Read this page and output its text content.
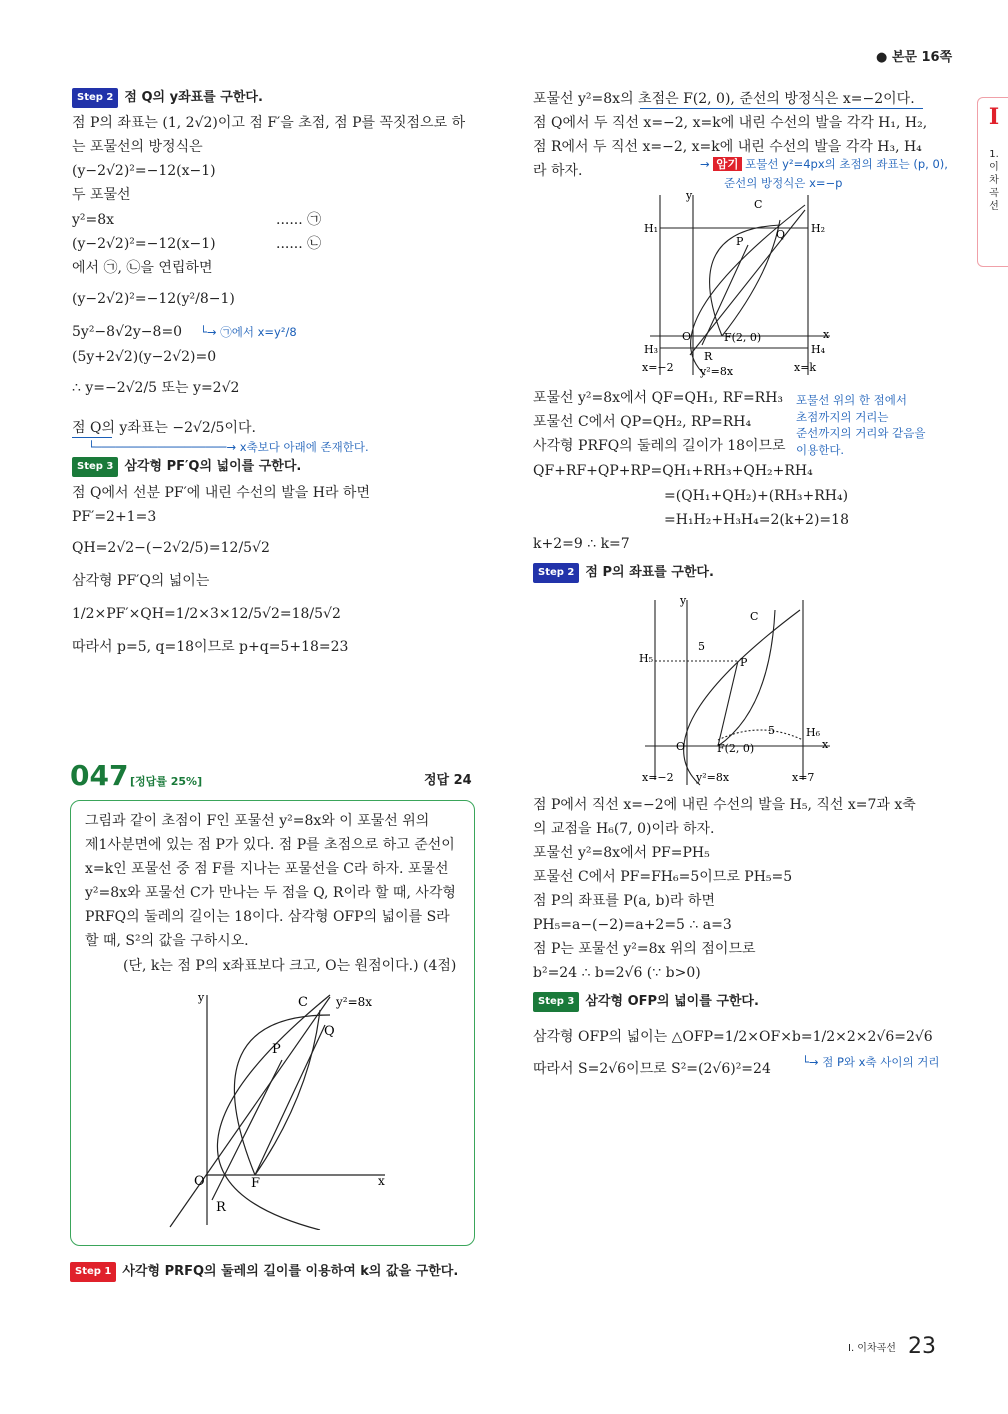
● 본문 16쪽
I
1. 이차곡선
Step 2 점 Q의 y좌표를 구한다.
점 P의 좌표는 (1, 2√2)이고 점 F′을 초점, 점 P를 꼭짓점으로 하
는 포물선의 방정식은
(y−2√2)²=−12(x−1)
두 포물선
y²=8x	...... ㉠
(y−2√2)²=−12(x−1)	...... ㉡
에서 ㉠, ㉡을 연립하면
(y−2√2)²=−12(y²/8−1)
5y²−8√2y−8=0 └→ ㉠에서 x=y²/8
(5y+2√2)(y−2√2)=0
∴ y=−2√2/5 또는 y=2√2
점 Q의 y좌표는 −2√2/5이다.
└───────────────────→ x축보다 아래에 존재한다.
Step 3 삼각형 PF′Q의 넓이를 구한다.
점 Q에서 선분 PF′에 내린 수선의 발을 H라 하면
PF′=2+1=3
QH=2√2−(−2√2/5)=12/5√2
삼각형 PF′Q의 넓이는
1/2×PF′×QH=1/2×3×12/5√2=18/5√2
따라서 p=5, q=18이므로 p+q=5+18=23
047 [정답률 25%]	정답 24
그림과 같이 초점이 F인 포물선 y²=8x와 이 포물선 위의
제1사분면에 있는 점 P가 있다. 점 P를 초점으로 하고 준선이
x=k인 포물선 중 점 F를 지나는 포물선을 C라 하자. 포물선
y²=8x와 포물선 C가 만나는 두 점을 Q, R이라 할 때, 사각형
PRFQ의 둘레의 길이는 18이다. 삼각형 OFP의 넓이를 S라
할 때, S²의 값을 구하시오.
(단, k는 점 P의 x좌표보다 크고, O는 원점이다.) (4점)
y
x
C y²=8x
P
Q
O	F
R
Step 1 사각형 PRFQ의 둘레의 길이를 이용하여 k의 값을 구한다.
포물선 y²=8x의 초점은 F(2, 0), 준선의 방정식은 x=−2이다.
점 Q에서 두 직선 x=−2, x=k에 내린 수선의 발을 각각 H₁, H₂,
점 R에서 두 직선 x=−2, x=k에 내린 수선의 발을 각각 H₃, H₄
라 하자.	→ 암기 포물선 y²=4px의 초점의 좌표는 (p, 0),
준선의 방정식은 x=−p
y
C
H₁	H₂
P
Q
O	F(2, 0)	x
H₃	H₄
R
x=−2 y²=8x	x=k
포물선 y²=8x에서 QF=QH₁, RF=RH₃
포물선 C에서 QP=QH₂, RP=RH₄
사각형 PRFQ의 둘레의 길이가 18이므로
포물선 위의 한 점에서
초점까지의 거리는
준선까지의 거리와 같음을
이용한다.
QF+RF+QP+RP=QH₁+RH₃+QH₂+RH₄
=(QH₁+QH₂)+(RH₃+RH₄)
=H₁H₂+H₃H₄=2(k+2)=18
k+2=9 ∴ k=7
Step 2 점 P의 좌표를 구한다.
y
C
H₅	P
5
5	H₆
O	F(2, 0)	x
x=−2 y²=8x	x=7
점 P에서 직선 x=−2에 내린 수선의 발을 H₅, 직선 x=7과 x축
의 교점을 H₆(7, 0)이라 하자.
포물선 y²=8x에서 PF=PH₅
포물선 C에서 PF=FH₆=5이므로 PH₅=5
점 P의 좌표를 P(a, b)라 하면
PH₅=a−(−2)=a+2=5 ∴ a=3
점 P는 포물선 y²=8x 위의 점이므로
b²=24 ∴ b=2√6 (∵ b>0)
Step 3 삼각형 OFP의 넓이를 구한다.
삼각형 OFP의 넓이는 △OFP=1/2×OF×b=1/2×2×2√6=2√6
따라서 S=2√6이므로 S²=(2√6)²=24	└→ 점 P와 x축 사이의 거리
Ⅰ. 이차곡선 23
